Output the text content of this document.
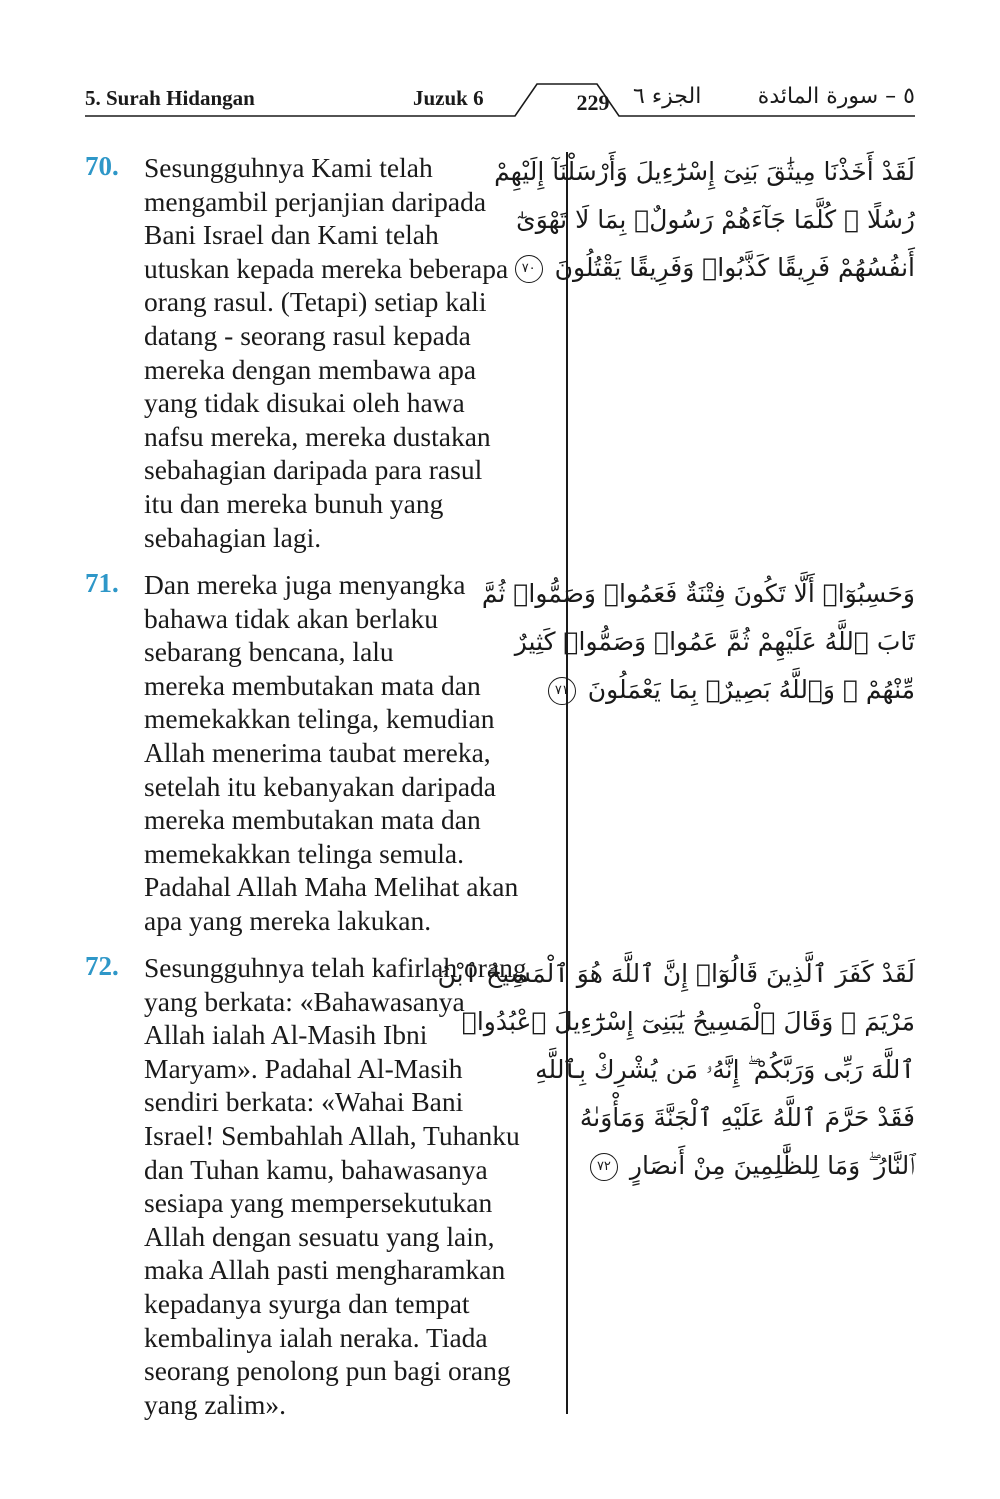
5. Surah Hidangan	Juzuk 6	229	الجزء ٦	٥ – سورة المائدة
70. Sesungguhnya Kami telah
mengambil perjanjian daripada
Bani Israel dan Kami telah
utuskan kepada mereka beberapa
orang rasul. (Tetapi) setiap kali
datang - seorang rasul kepada
mereka dengan membawa apa
yang tidak disukai oleh hawa
nafsu mereka, mereka dustakan
sebahagian daripada para rasul
itu dan mereka bunuh yang
sebahagian lagi.
لَقَدْ أَخَذْنَا مِيثَٰقَ بَنِىٓ إِسْرَٰٓءِيلَ وَأَرْسَلْنَآ إِلَيْهِمْ
رُسُلًا ۖ كُلَّمَا جَآءَهُمْ رَسُولٌۢ بِمَا لَا تَهْوَىٰٓ
أَنفُسُهُمْ فَرِيقًا كَذَّبُوا۟ وَفَرِيقًا يَقْتُلُونَ ٧٠
71. Dan mereka juga menyangka
bahawa tidak akan berlaku
sebarang bencana, lalu
mereka membutakan mata dan
memekakkan telinga, kemudian
Allah menerima taubat mereka,
setelah itu kebanyakan daripada
mereka membutakan mata dan
memekakkan telinga semula.
Padahal Allah Maha Melihat akan
apa yang mereka lakukan.
وَحَسِبُوٓا۟ أَلَّا تَكُونَ فِتْنَةٌ فَعَمُوا۟ وَصَمُّوا۟ ثُمَّ
تَابَ ٱللَّهُ عَلَيْهِمْ ثُمَّ عَمُوا۟ وَصَمُّوا۟ كَثِيرٌ
مِّنْهُمْ ۚ وَٱللَّهُ بَصِيرٌۢ بِمَا يَعْمَلُونَ ٧١
72. Sesungguhnya telah kafirlah orang
yang berkata: «Bahawasanya
Allah ialah Al-Masih Ibni
Maryam». Padahal Al-Masih
sendiri berkata: «Wahai Bani
Israel! Sembahlah Allah, Tuhanku
dan Tuhan kamu, bahawasanya
sesiapa yang mempersekutukan
Allah dengan sesuatu yang lain,
maka Allah pasti mengharamkan
kepadanya syurga dan tempat
kembalinya ialah neraka. Tiada
seorang penolong pun bagi orang
yang zalim».
لَقَدْ كَفَرَ ٱلَّذِينَ قَالُوٓا۟ إِنَّ ٱللَّهَ هُوَ ٱلْمَسِيحُ ٱبْنُ
مَرْيَمَ ۖ وَقَالَ ٱلْمَسِيحُ يَٰبَنِىٓ إِسْرَٰٓءِيلَ ٱعْبُدُوا۟
ٱللَّهَ رَبِّى وَرَبَّكُمْ ۖ إِنَّهُۥ مَن يُشْرِكْ بِٱللَّهِ
فَقَدْ حَرَّمَ ٱللَّهُ عَلَيْهِ ٱلْجَنَّةَ وَمَأْوَىٰهُ
ٱلنَّارُ ۖ وَمَا لِلظَّٰلِمِينَ مِنْ أَنصَارٍ ٧٢
